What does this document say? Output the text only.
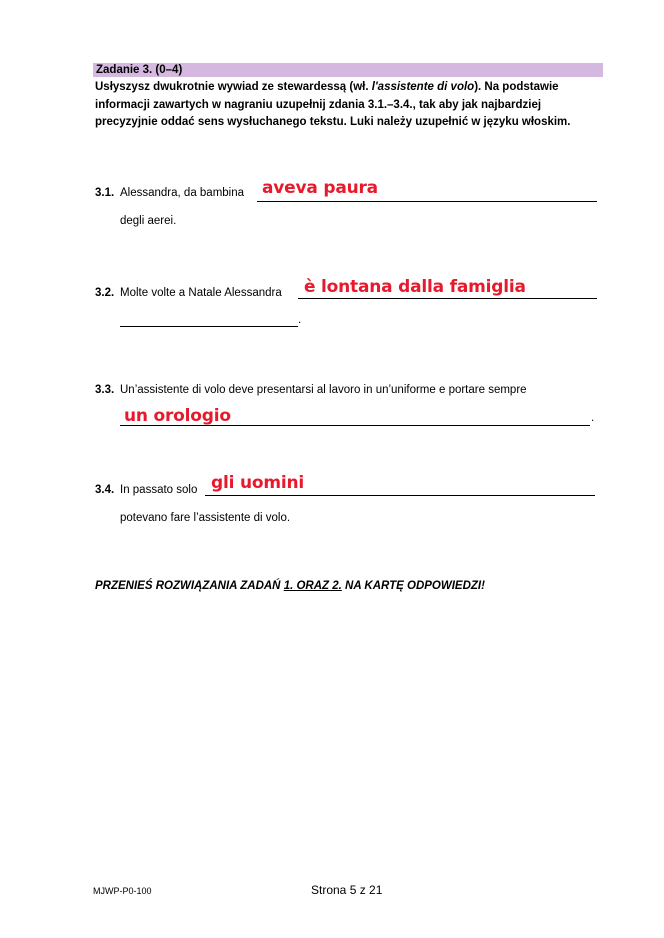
Zadanie 3. (0–4)
Usłyszysz dwukrotnie wywiad ze stewardessą (wł. l'assistente di volo). Na podstawie informacji zawartych w nagraniu uzupełnij zdania 3.1.–3.4., tak aby jak najbardziej precyzyjnie oddać sens wysłuchanego tekstu. Luki należy uzupełnić w języku włoskim.
3.1. Alessandra, da bambina aveva paura
degli aerei.
3.2. Molte volte a Natale Alessandra è lontana dalla famiglia
.
3.3. Un’assistente di volo deve presentarsi al lavoro in un’uniforme e portare sempre
un orologio	.
3.4. In passato solo gli uomini
potevano fare l’assistente di volo.
PRZENIEŚ ROZWIĄZANIA ZADAŃ 1. ORAZ 2. NA KARTĘ ODPOWIEDZI!
MJWP-P0-100	Strona 5 z 21
